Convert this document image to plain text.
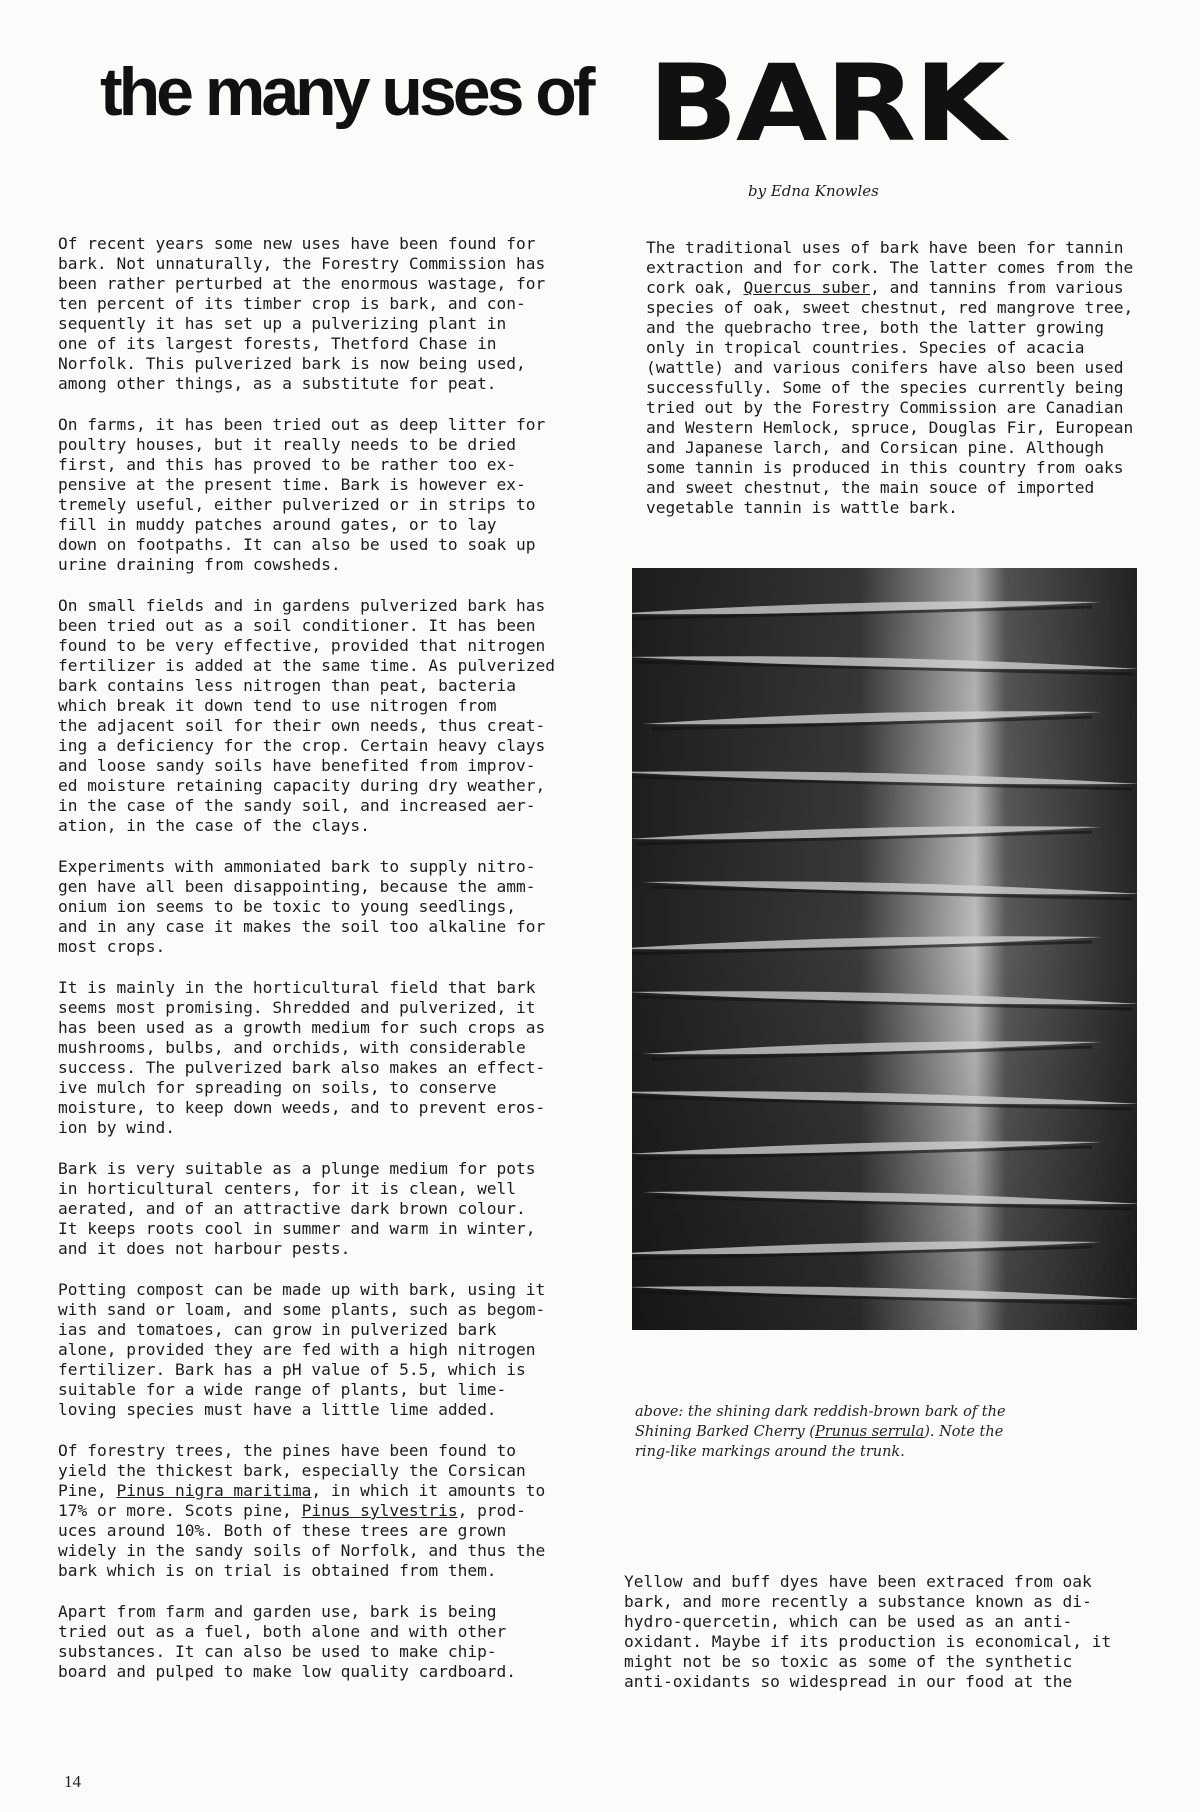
the many uses of BARK
by Edna Knowles

Of recent years some new uses have been found for
bark. Not unnaturally, the Forestry Commission has
been rather perturbed at the enormous wastage, for
ten percent of its timber crop is bark, and con-
sequently it has set up a pulverizing plant in
one of its largest forests, Thetford Chase in
Norfolk. This pulverized bark is now being used,
among other things, as a substitute for peat.

On farms, it has been tried out as deep litter for
poultry houses, but it really needs to be dried
first, and this has proved to be rather too ex-
pensive at the present time. Bark is however ex-
tremely useful, either pulverized or in strips to
fill in muddy patches around gates, or to lay
down on footpaths. It can also be used to soak up
urine draining from cowsheds.

On small fields and in gardens pulverized bark has
been tried out as a soil conditioner. It has been
found to be very effective, provided that nitrogen
fertilizer is added at the same time. As pulverized
bark contains less nitrogen than peat, bacteria
which break it down tend to use nitrogen from
the adjacent soil for their own needs, thus creat-
ing a deficiency for the crop. Certain heavy clays
and loose sandy soils have benefited from improv-
ed moisture retaining capacity during dry weather,
in the case of the sandy soil, and increased aer-
ation, in the case of the clays.

Experiments with ammoniated bark to supply nitro-
gen have all been disappointing, because the amm-
onium ion seems to be toxic to young seedlings,
and in any case it makes the soil too alkaline for
most crops.

It is mainly in the horticultural field that bark
seems most promising. Shredded and pulverized, it
has been used as a growth medium for such crops as
mushrooms, bulbs, and orchids, with considerable
success. The pulverized bark also makes an effect-
ive mulch for spreading on soils, to conserve
moisture, to keep down weeds, and to prevent eros-
ion by wind.

Bark is very suitable as a plunge medium for pots
in horticultural centers, for it is clean, well
aerated, and of an attractive dark brown colour.
It keeps roots cool in summer and warm in winter,
and it does not harbour pests.

Potting compost can be made up with bark, using it
with sand or loam, and some plants, such as begom-
ias and tomatoes, can grow in pulverized bark
alone, provided they are fed with a high nitrogen
fertilizer. Bark has a pH value of 5.5, which is
suitable for a wide range of plants, but lime-
loving species must have a little lime added.

Of forestry trees, the pines have been found to
yield the thickest bark, especially the Corsican
Pine, Pinus nigra maritima, in which it amounts to
17% or more. Scots pine, Pinus sylvestris, prod-
uces around 10%. Both of these trees are grown
widely in the sandy soils of Norfolk, and thus the
bark which is on trial is obtained from them.

Apart from farm and garden use, bark is being
tried out as a fuel, both alone and with other
substances. It can also be used to make chip-
board and pulped to make low quality cardboard.

The traditional uses of bark have been for tannin
extraction and for cork. The latter comes from the
cork oak, Quercus suber, and tannins from various
species of oak, sweet chestnut, red mangrove tree,
and the quebracho tree, both the latter growing
only in tropical countries. Species of acacia
(wattle) and various conifers have also been used
successfully. Some of the species currently being
tried out by the Forestry Commission are Canadian
and Western Hemlock, spruce, Douglas Fir, European
and Japanese larch, and Corsican pine. Although
some tannin is produced in this country from oaks
and sweet chestnut, the main souce of imported
vegetable tannin is wattle bark.

above: the shining dark reddish-brown bark of the
Shining Barked Cherry (Prunus serrula). Note the
ring-like markings around the trunk.

Yellow and buff dyes have been extraced from oak
bark, and more recently a substance known as di-
hydro-quercetin, which can be used as an anti-
oxidant. Maybe if its production is economical, it
might not be so toxic as some of the synthetic
anti-oxidants so widespread in our food at the

14
